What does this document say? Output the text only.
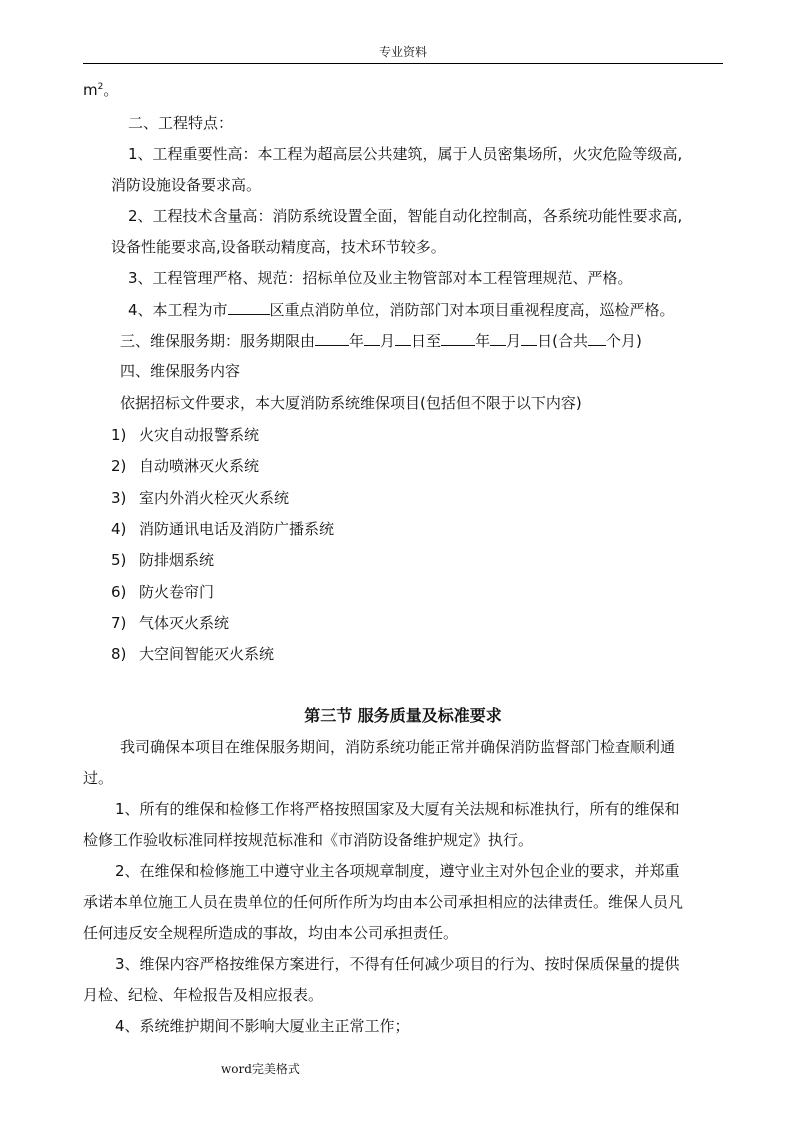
专业资料
$m^2$。
二、工程特点：
1、工程重要性高：本工程为超高层公共建筑，属于人员密集场所，火灾危险等级高,
消防设施设备要求高。
2、工程技术含量高：消防系统设置全面，智能自动化控制高，各系统功能性要求高,
设备性能要求高,设备联动精度高，技术环节较多。
3、工程管理严格、规范：招标单位及业主物管部对本工程管理规范、严格。
4、本工程为市	区重点消防单位，消防部门对本项目重视程度高，巡检严格。
三、维保服务期：服务期限由 年 月 日至 年 月 日(合共 个月)
四、维保服务内容
依据招标文件要求，本大厦消防系统维保项目(包括但不限于以下内容)
1) 火灾自动报警系统
2) 自动喷淋灭火系统
3) 室内外消火栓灭火系统
4) 消防通讯电话及消防广播系统
5) 防排烟系统
6) 防火卷帘门
7) 气体灭火系统
8) 大空间智能灭火系统
第三节 服务质量及标准要求
我司确保本项目在维保服务期间，消防系统功能正常并确保消防监督部门检查顺利通
过。
1、所有的维保和检修工作将严格按照国家及大厦有关法规和标准执行，所有的维保和
检修工作验收标准同样按规范标准和《市消防设备维护规定》执行。
2、在维保和检修施工中遵守业主各项规章制度，遵守业主对外包企业的要求，并郑重
承诺本单位施工人员在贵单位的任何所作所为均由本公司承担相应的法律责任。维保人员凡
任何违反安全规程所造成的事故，均由本公司承担责任。
3、维保内容严格按维保方案进行，不得有任何减少项目的行为、按时保质保量的提供
月检、纪检、年检报告及相应报表。
4、系统维护期间不影响大厦业主正常工作；
word完美格式
